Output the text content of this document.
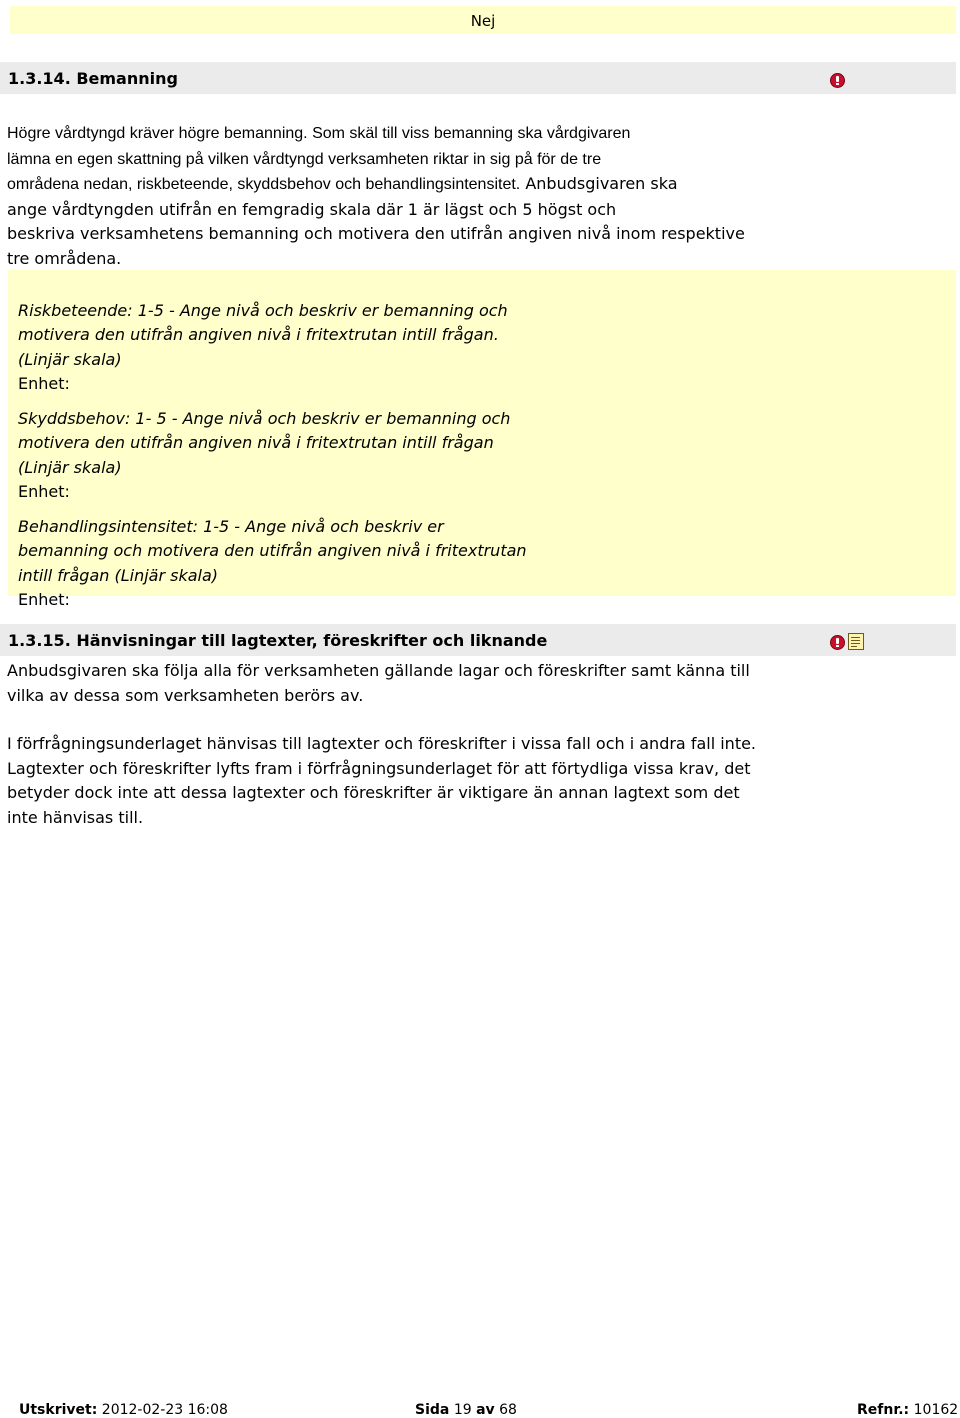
Nej
1.3.14. Bemanning
Högre vårdtyngd kräver högre bemanning. Som skäl till viss bemanning ska vårdgivaren
lämna en egen skattning på vilken vårdtyngd verksamheten riktar in sig på för de tre
områdena nedan, riskbeteende, skyddsbehov och behandlingsintensitet. Anbudsgivaren ska
ange vårdtyngden utifrån en femgradig skala där 1 är lägst och 5 högst och
beskriva verksamhetens bemanning och motivera den utifrån angiven nivå inom respektive
tre områdena.

Riskbeteende: 1-5 - Ange nivå och beskriv er bemanning och
motivera den utifrån angiven nivå i fritextrutan intill frågan.
(Linjär skala)
Enhet:

Skyddsbehov: 1- 5 - Ange nivå och beskriv er bemanning och
motivera den utifrån angiven nivå i fritextrutan intill frågan
(Linjär skala)
Enhet:

Behandlingsintensitet: 1-5 - Ange nivå och beskriv er
bemanning och motivera den utifrån angiven nivå i fritextrutan
intill frågan (Linjär skala)
Enhet:

1.3.15. Hänvisningar till lagtexter, föreskrifter och liknande
Anbudsgivaren ska följa alla för verksamheten gällande lagar och föreskrifter samt känna till
vilka av dessa som verksamheten berörs av.
I förfrågningsunderlaget hänvisas till lagtexter och föreskrifter i vissa fall och i andra fall inte.
Lagtexter och föreskrifter lyfts fram i förfrågningsunderlaget för att förtydliga vissa krav, det
betyder dock inte att dessa lagtexter och föreskrifter är viktigare än annan lagtext som det
inte hänvisas till.
Utskrivet: 2012-02-23 16:08	Sida 19 av 68	Refnr.: 10162
